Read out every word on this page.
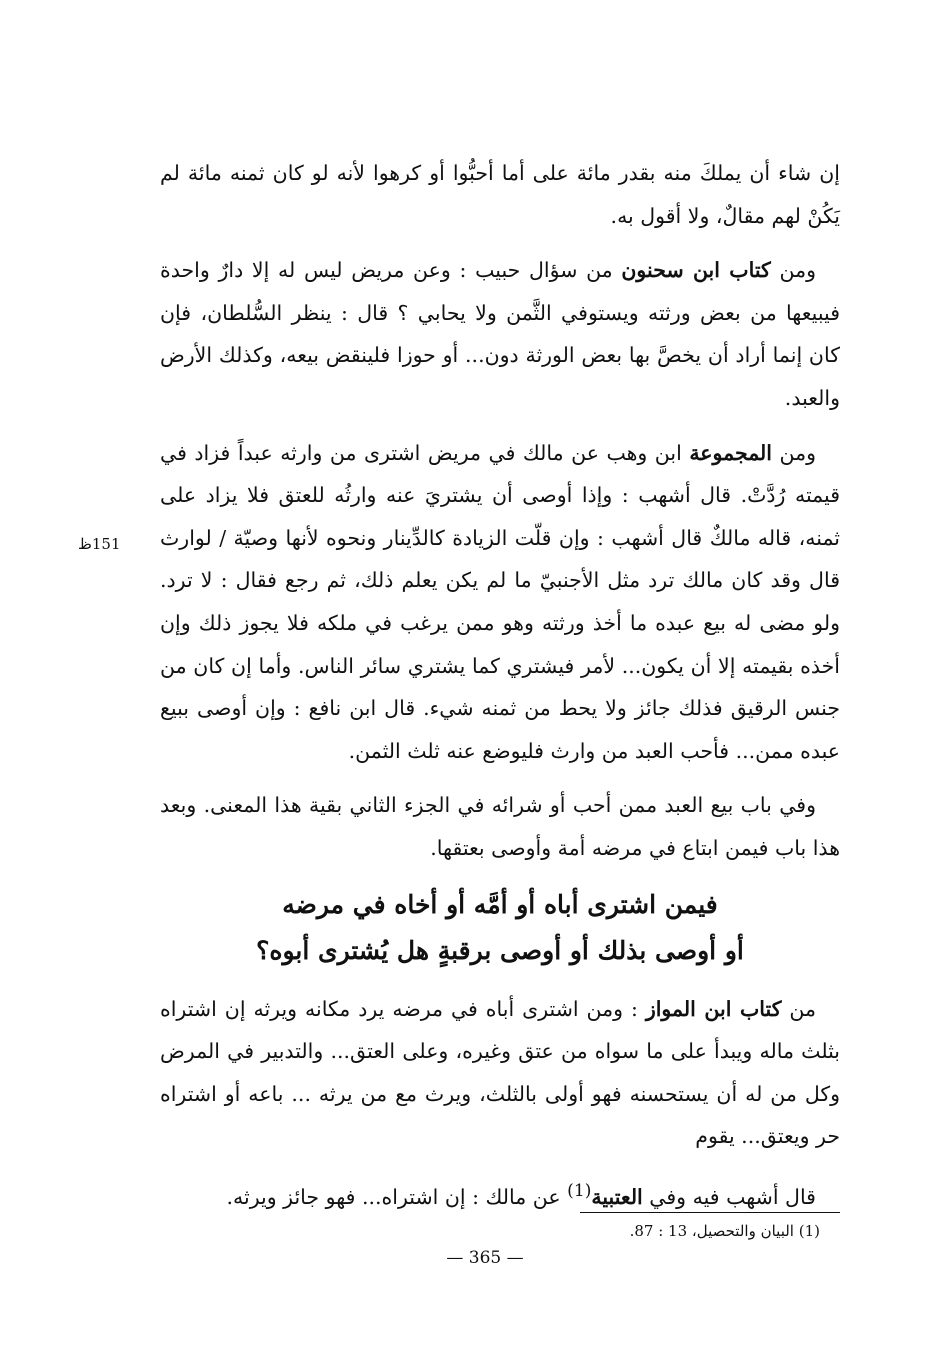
إن شاء أن يملكَ منه بقدر مائة على أما أحبُّوا أو كرهوا لأنه لو كان ثمنه مائة لم يَكُنْ لهم مقالٌ، ولا أقول به.

ومن كتاب ابن سحنون من سؤال حبيب : وعن مريض ليس له إلا دارٌ واحدة فيبيعها من بعض ورثته ويستوفي الثَّمن ولا يحابي ؟ قال : ينظر السُّلطان، فإن كان إنما أراد أن يخصَّ بها بعض الورثة دون... أو حوزا فلينقض بيعه، وكذلك الأرض والعبد.

ومن المجموعة ابن وهب عن مالك في مريض اشترى من وارثه عبداً فزاد في قيمته رُدَّتْ. قال أشهب : وإذا أوصى أن يشتريَ عنه وارثُه للعتق فلا يزاد على ثمنه، قاله مالكٌ قال أشهب : وإن قلّت الزيادة كالدِّينار ونحوه لأنها وصيّة / لوارث قال وقد كان مالك ترد مثل الأجنبيّ ما لم يكن يعلم ذلك، ثم رجع فقال : لا ترد. ولو مضى له بيع عبده ما أخذ ورثته وهو ممن يرغب في ملكه فلا يجوز ذلك وإن أخذه بقيمته إلا أن يكون... لأمر فيشتري كما يشتري سائر الناس. وأما إن كان من جنس الرقيق فذلك جائز ولا يحط من ثمنه شيء. قال ابن نافع : وإن أوصى ببيع عبده ممن... فأحب العبد من وارث فليوضع عنه ثلث الثمن.

وفي باب بيع العبد ممن أحب أو شرائه في الجزء الثاني بقية هذا المعنى. وبعد هذا باب فيمن ابتاع في مرضه أمة وأوصى بعتقها.

فيمن اشترى أباه أو أمَّه أو أخاه في مرضه
أو أوصى بذلك أو أوصى برقبةٍ هل يُشترى أبوه؟

من كتاب ابن المواز : ومن اشترى أباه في مرضه يرد مكانه ويرثه إن اشتراه بثلث ماله ويبدأ على ما سواه من عتق وغيره، وعلى العتق... والتدبير في المرض وكل من له أن يستحسنه فهو أولى بالثلث، ويرث مع من يرثه ... باعه أو اشتراه حر ويعتق... يقوم

قال أشهب فيه وفي العتبية$^{(1)}$ عن مالك : إن اشتراه... فهو جائز ويرثه.

151ظ
(1) البيان والتحصيل، 13 : 87.
— 365 —
